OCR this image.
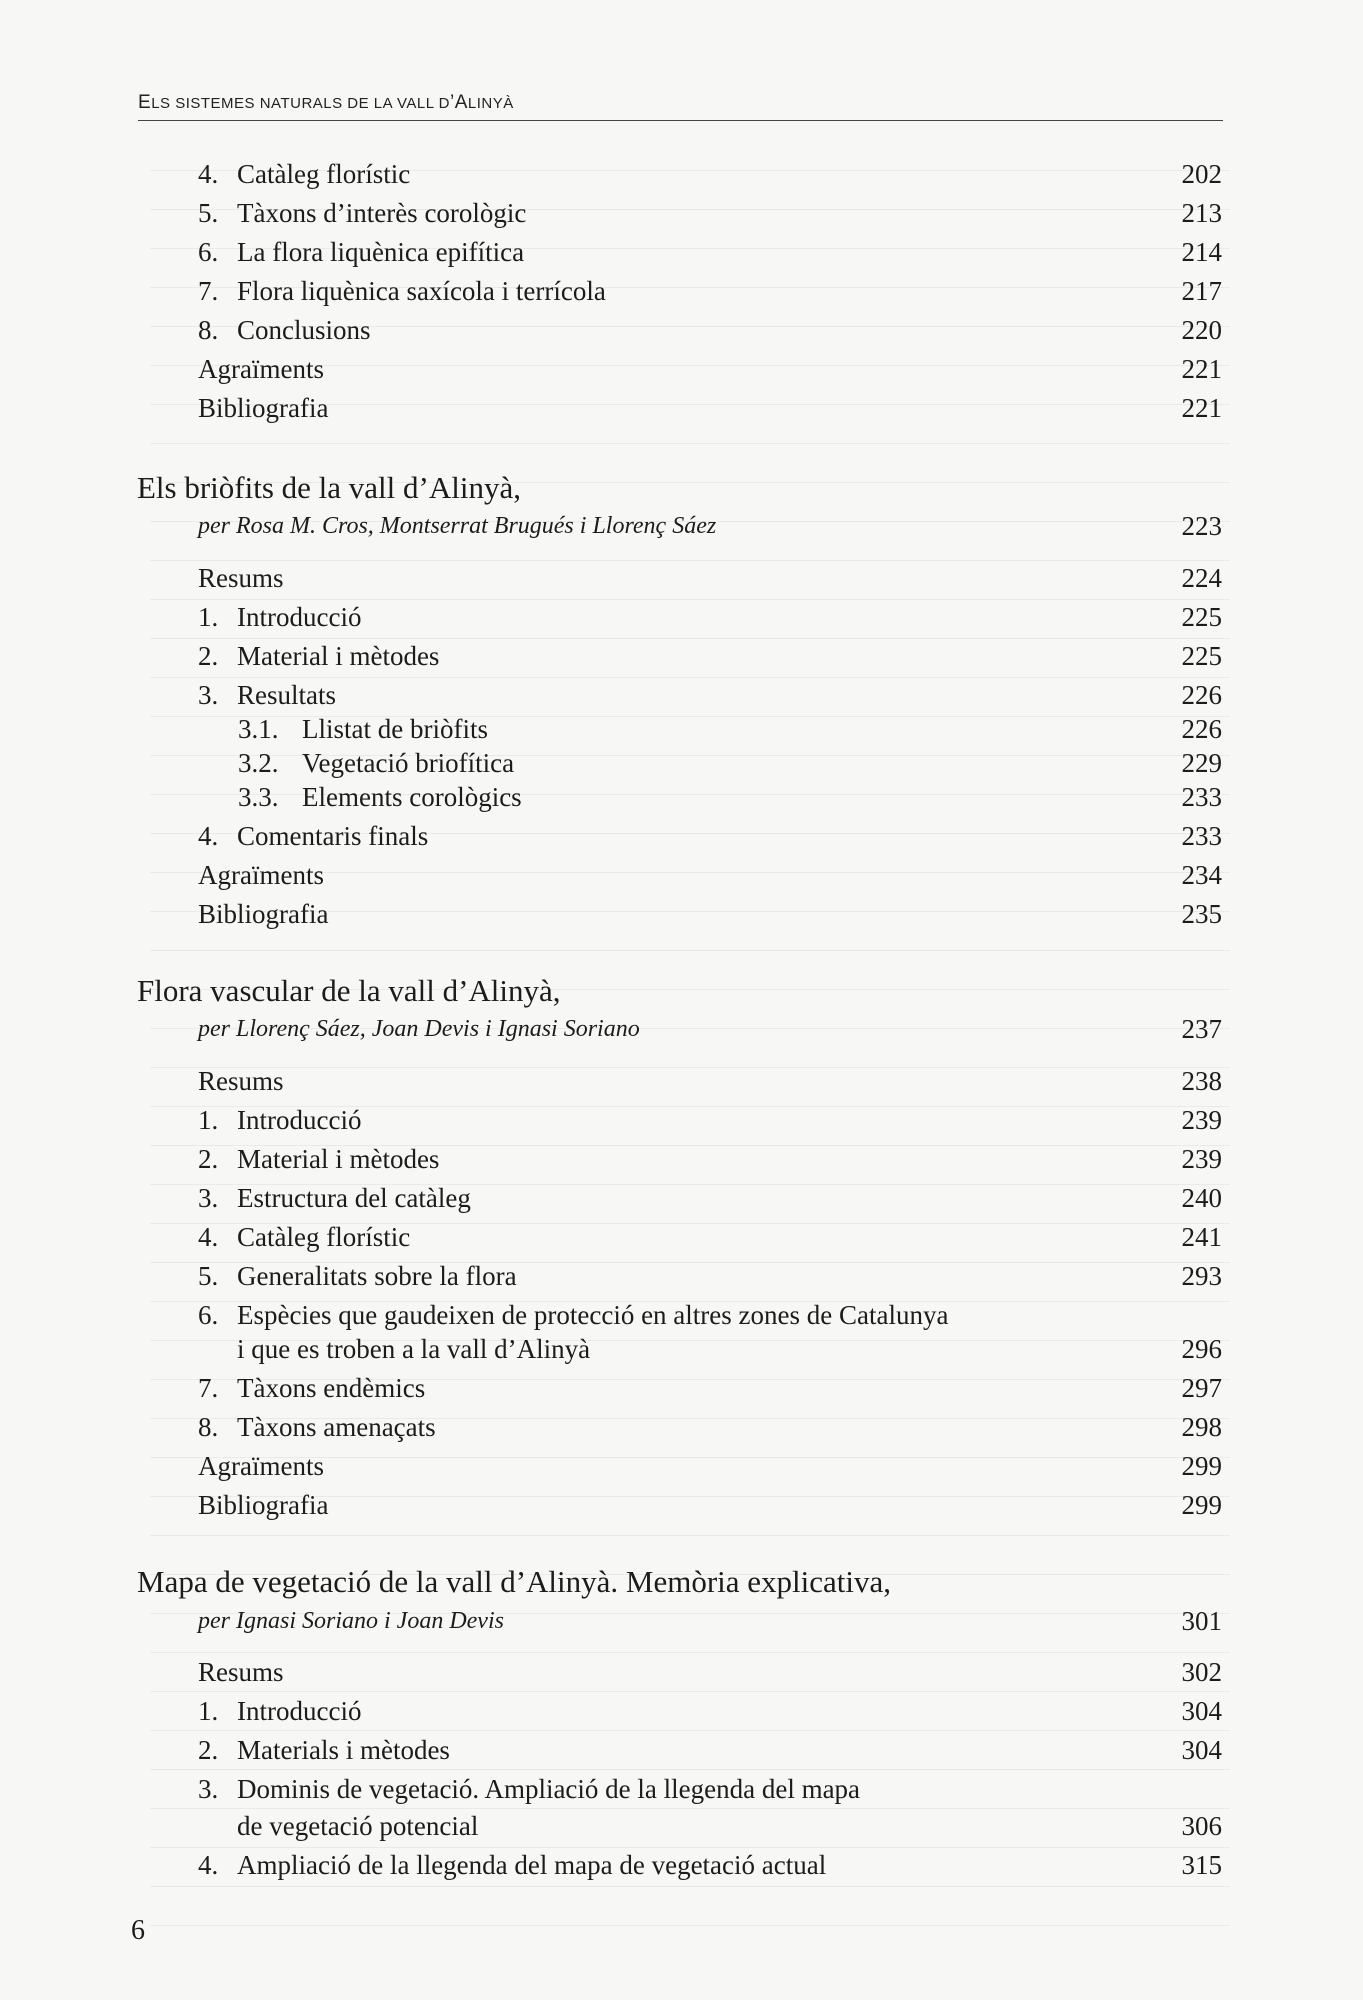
ELS SISTEMES NATURALS DE LA VALL D’ALINYÀ
4. Catàleg florístic	202
5. Tàxons d’interès corològic	213
6. La flora liquènica epifítica	214
7. Flora liquènica saxícola i terrícola	217
8. Conclusions	220
Agraïments	221
Bibliografia	221
Els briòfits de la vall d’Alinyà,
per Rosa M. Cros, Montserrat Brugués i Llorenç Sáez	223
Resums	224
1. Introducció	225
2. Material i mètodes	225
3. Resultats	226
3.1. Llistat de briòfits	226
3.2. Vegetació briofítica	229
3.3. Elements corològics	233
4. Comentaris finals	233
Agraïments	234
Bibliografia	235
Flora vascular de la vall d’Alinyà,
per Llorenç Sáez, Joan Devis i Ignasi Soriano	237
Resums	238
1. Introducció	239
2. Material i mètodes	239
3. Estructura del catàleg	240
4. Catàleg florístic	241
5. Generalitats sobre la flora	293
6. Espècies que gaudeixen de protecció en altres zones de Catalunya
i que es troben a la vall d’Alinyà	296
7. Tàxons endèmics	297
8. Tàxons amenaçats	298
Agraïments	299
Bibliografia	299
Mapa de vegetació de la vall d’Alinyà. Memòria explicativa,
per Ignasi Soriano i Joan Devis	301
Resums	302
1. Introducció	304
2. Materials i mètodes	304
3. Dominis de vegetació. Ampliació de la llegenda del mapa
de vegetació potencial	306
4. Ampliació de la llegenda del mapa de vegetació actual	315
6
